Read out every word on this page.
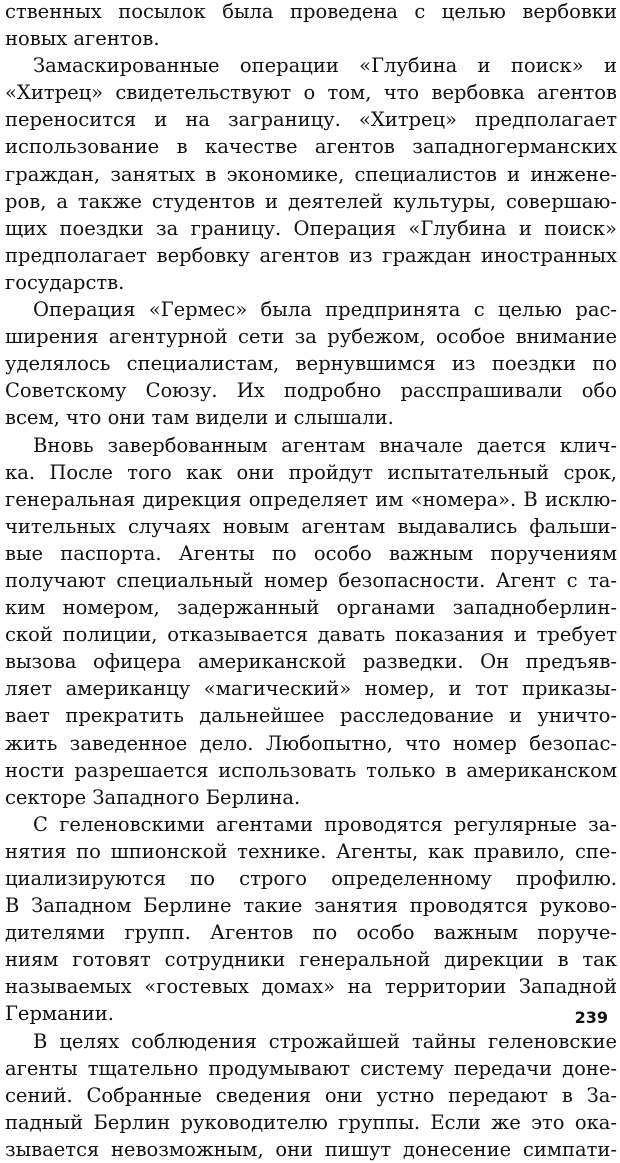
ственных посылок была проведена с целью вербовки
новых агентов.
Замаскированные операции «Глубина и поиск» и
«Хитрец» свидетельствуют о том, что вербовка агентов
переносится и на заграницу. «Хитрец» предполагает
использование в качестве агентов западногерманских
граждан, занятых в экономике, специалистов и инжене-
ров, а также студентов и деятелей культуры, совершаю-
щих поездки за границу. Операция «Глубина и поиск»
предполагает вербовку агентов из граждан иностранных
государств.
Операция «Гермес» была предпринята с целью рас-
ширения агентурной сети за рубежом, особое внимание
уделялось специалистам, вернувшимся из поездки по
Советскому Союзу. Их подробно расспрашивали обо
всем, что они там видели и слышали.
Вновь завербованным агентам вначале дается клич-
ка. После того как они пройдут испытательный срок,
генеральная дирекция определяет им «номера». В исклю-
чительных случаях новым агентам выдавались фальши-
вые паспорта. Агенты по особо важным поручениям
получают специальный номер безопасности. Агент с та-
ким номером, задержанный органами западноберлин-
ской полиции, отказывается давать показания и требует
вызова офицера американской разведки. Он предъяв-
ляет американцу «магический» номер, и тот приказы-
вает прекратить дальнейшее расследование и уничто-
жить заведенное дело. Любопытно, что номер безопас-
ности разрешается использовать только в американском
секторе Западного Берлина.
С геленовскими агентами проводятся регулярные за-
нятия по шпионской технике. Агенты, как правило, спе-
циализируются по строго определенному профилю.
В Западном Берлине такие занятия проводятся руково-
дителями групп. Агентов по особо важным поруче-
ниям готовят сотрудники генеральной дирекции в так
называемых «гостевых домах» на территории Западной
Германии.
В целях соблюдения строжайшей тайны геленовские
агенты тщательно продумывают систему передачи доне-
сений. Собранные сведения они устно передают в За-
падный Берлин руководителю группы. Если же это ока-
зывается невозможным, они пишут донесение симпати-
239
